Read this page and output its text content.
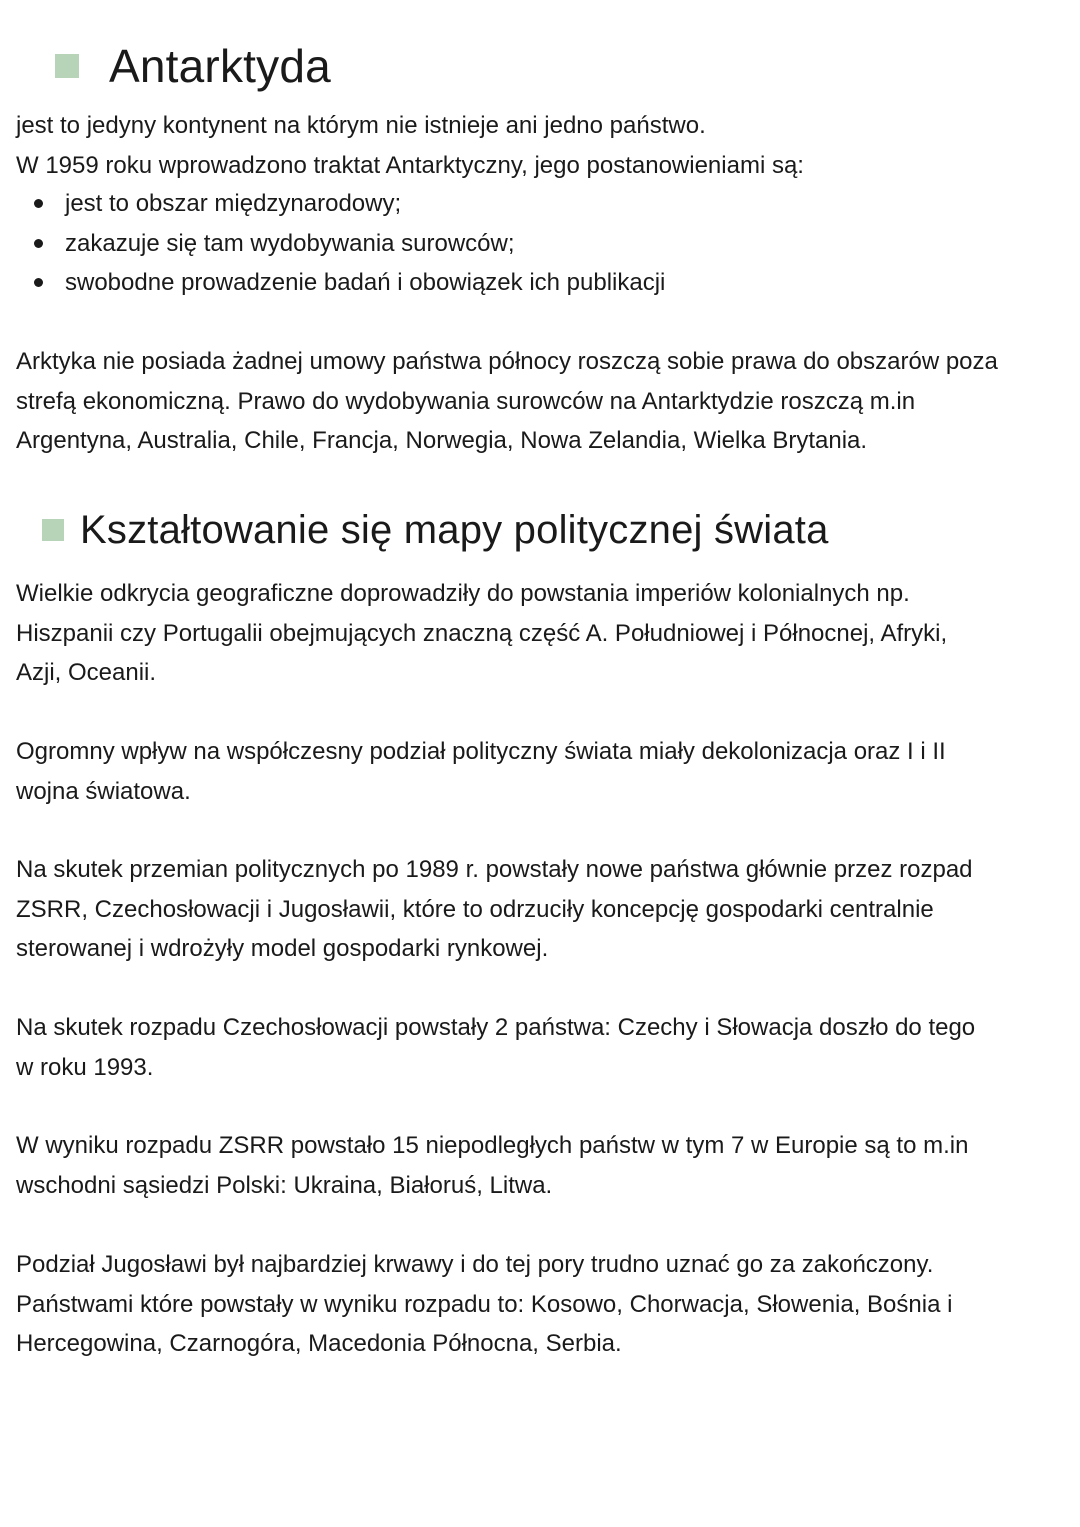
Antarktyda

jest to jedyny kontynent na którym nie istnieje ani jedno państwo.
W 1959 roku wprowadzono traktat Antarktyczny, jego postanowieniami są:

jest to obszar międzynarodowy;
zakazuje się tam wydobywania surowców;
swobodne prowadzenie badań i obowiązek ich publikacji

Arktyka nie posiada żadnej umowy państwa północy roszczą sobie prawa do obszarów poza
strefą ekonomiczną. Prawo do wydobywania surowców na Antarktydzie roszczą m.in
Argentyna, Australia, Chile, Francja, Norwegia, Nowa Zelandia, Wielka Brytania.

Kształtowanie się mapy politycznej świata

Wielkie odkrycia geograficzne doprowadziły do powstania imperiów kolonialnych np.
Hiszpanii czy Portugalii obejmujących znaczną część A. Południowej i Północnej, Afryki,
Azji, Oceanii.

Ogromny wpływ na współczesny podział polityczny świata miały dekolonizacja oraz I i II
wojna światowa.

Na skutek przemian politycznych po 1989 r. powstały nowe państwa głównie przez rozpad
ZSRR, Czechosłowacji i Jugosławii, które to odrzuciły koncepcję gospodarki centralnie
sterowanej i wdrożyły model gospodarki rynkowej.

Na skutek rozpadu Czechosłowacji powstały 2 państwa: Czechy i Słowacja doszło do tego
w roku 1993.

W wyniku rozpadu ZSRR powstało 15 niepodległych państw w tym 7 w Europie są to m.in
wschodni sąsiedzi Polski: Ukraina, Białoruś, Litwa.

Podział Jugosławi był najbardziej krwawy i do tej pory trudno uznać go za zakończony.
Państwami które powstały w wyniku rozpadu to: Kosowo, Chorwacja, Słowenia, Bośnia i
Hercegowina, Czarnogóra, Macedonia Północna, Serbia.
